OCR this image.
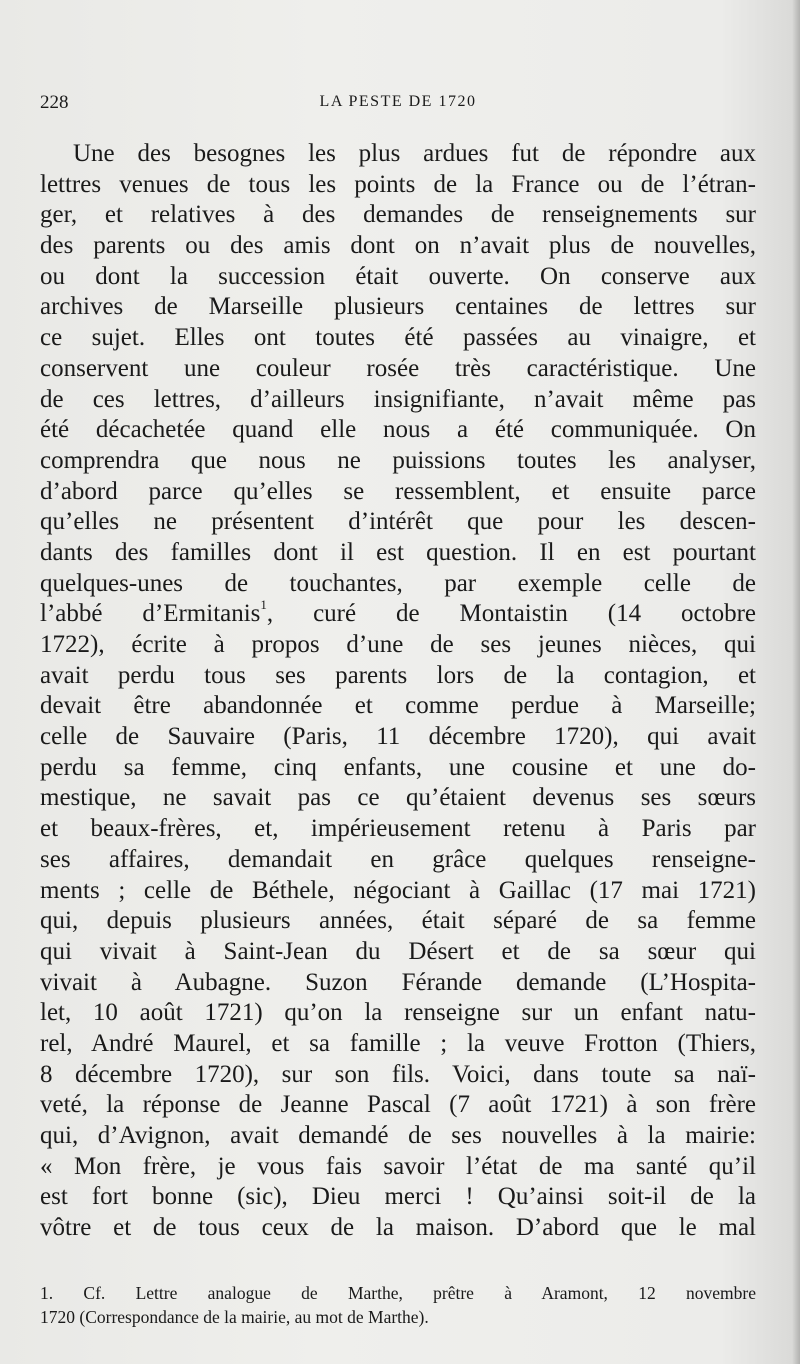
228	LA PESTE DE 1720
Une des besognes les plus ardues fut de répondre aux
lettres venues de tous les points de la France ou de l’étran-
ger, et relatives à des demandes de renseignements sur
des parents ou des amis dont on n’avait plus de nouvelles,
ou dont la succession était ouverte. On conserve aux
archives de Marseille plusieurs centaines de lettres sur
ce sujet. Elles ont toutes été passées au vinaigre, et
conservent une couleur rosée très caractéristique. Une
de ces lettres, d’ailleurs insignifiante, n’avait même pas
été décachetée quand elle nous a été communiquée. On
comprendra que nous ne puissions toutes les analyser,
d’abord parce qu’elles se ressemblent, et ensuite parce
qu’elles ne présentent d’intérêt que pour les descen-
dants des familles dont il est question. Il en est pourtant
quelques-unes de touchantes, par exemple celle de
l’abbé d’Ermitanis$^1$, curé de Montaistin (14 octobre
1722), écrite à propos d’une de ses jeunes nièces, qui
avait perdu tous ses parents lors de la contagion, et
devait être abandonnée et comme perdue à Marseille;
celle de Sauvaire (Paris, 11 décembre 1720), qui avait
perdu sa femme, cinq enfants, une cousine et une do-
mestique, ne savait pas ce qu’étaient devenus ses sœurs
et beaux-frères, et, impérieusement retenu à Paris par
ses affaires, demandait en grâce quelques renseigne-
ments ; celle de Béthele, négociant à Gaillac (17 mai 1721)
qui, depuis plusieurs années, était séparé de sa femme
qui vivait à Saint-Jean du Désert et de sa sœur qui
vivait à Aubagne. Suzon Férande demande (L’Hospita-
let, 10 août 1721) qu’on la renseigne sur un enfant natu-
rel, André Maurel, et sa famille ; la veuve Frotton (Thiers,
8 décembre 1720), sur son fils. Voici, dans toute sa naï-
veté, la réponse de Jeanne Pascal (7 août 1721) à son frère
qui, d’Avignon, avait demandé de ses nouvelles à la mairie:
« Mon frère, je vous fais savoir l’état de ma santé qu’il
est fort bonne (sic), Dieu merci ! Qu’ainsi soit-il de la
vôtre et de tous ceux de la maison. D’abord que le mal
1. Cf. Lettre analogue de Marthe, prêtre à Aramont, 12 novembre
1720 (Correspondance de la mairie, au mot de Marthe).
